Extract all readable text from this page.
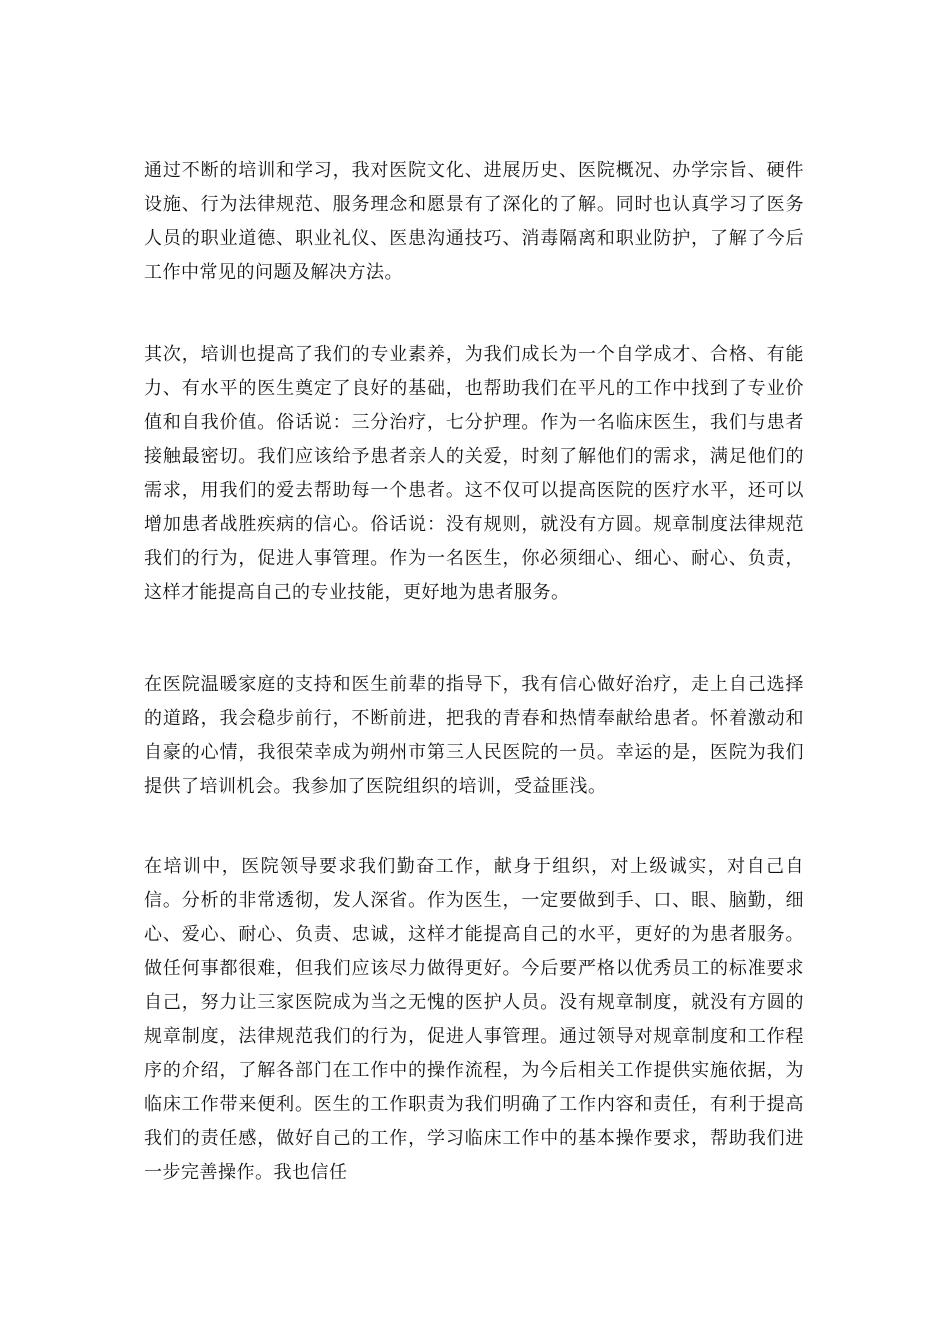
通过不断的培训和学习，我对医院文化、进展历史、医院概况、办学宗旨、硬件设施、行为法律规范、服务理念和愿景有了深化的了解。同时也认真学习了医务人员的职业道德、职业礼仪、医患沟通技巧、消毒隔离和职业防护，了解了今后工作中常见的问题及解决方法。

其次，培训也提高了我们的专业素养，为我们成长为一个自学成才、合格、有能力、有水平的医生奠定了良好的基础，也帮助我们在平凡的工作中找到了专业价值和自我价值。俗话说：三分治疗，七分护理。作为一名临床医生，我们与患者接触最密切。我们应该给予患者亲人的关爱，时刻了解他们的需求，满足他们的需求，用我们的爱去帮助每一个患者。这不仅可以提高医院的医疗水平，还可以增加患者战胜疾病的信心。俗话说：没有规则，就没有方圆。规章制度法律规范我们的行为，促进人事管理。作为一名医生，你必须细心、细心、耐心、负责，这样才能提高自己的专业技能，更好地为患者服务。

在医院温暖家庭的支持和医生前辈的指导下，我有信心做好治疗，走上自己选择的道路，我会稳步前行，不断前进，把我的青春和热情奉献给患者。怀着激动和自豪的心情，我很荣幸成为朔州市第三人民医院的一员。幸运的是，医院为我们提供了培训机会。我参加了医院组织的培训，受益匪浅。

在培训中，医院领导要求我们勤奋工作，献身于组织，对上级诚实，对自己自信。分析的非常透彻，发人深省。作为医生，一定要做到手、口、眼、脑勤，细心、爱心、耐心、负责、忠诚，这样才能提高自己的水平，更好的为患者服务。做任何事都很难，但我们应该尽力做得更好。今后要严格以优秀员工的标准要求自己，努力让三家医院成为当之无愧的医护人员。没有规章制度，就没有方圆的规章制度，法律规范我们的行为，促进人事管理。通过领导对规章制度和工作程序的介绍，了解各部门在工作中的操作流程，为今后相关工作提供实施依据，为临床工作带来便利。医生的工作职责为我们明确了工作内容和责任，有利于提高我们的责任感，做好自己的工作，学习临床工作中的基本操作要求，帮助我们进一步完善操作。我也信任
